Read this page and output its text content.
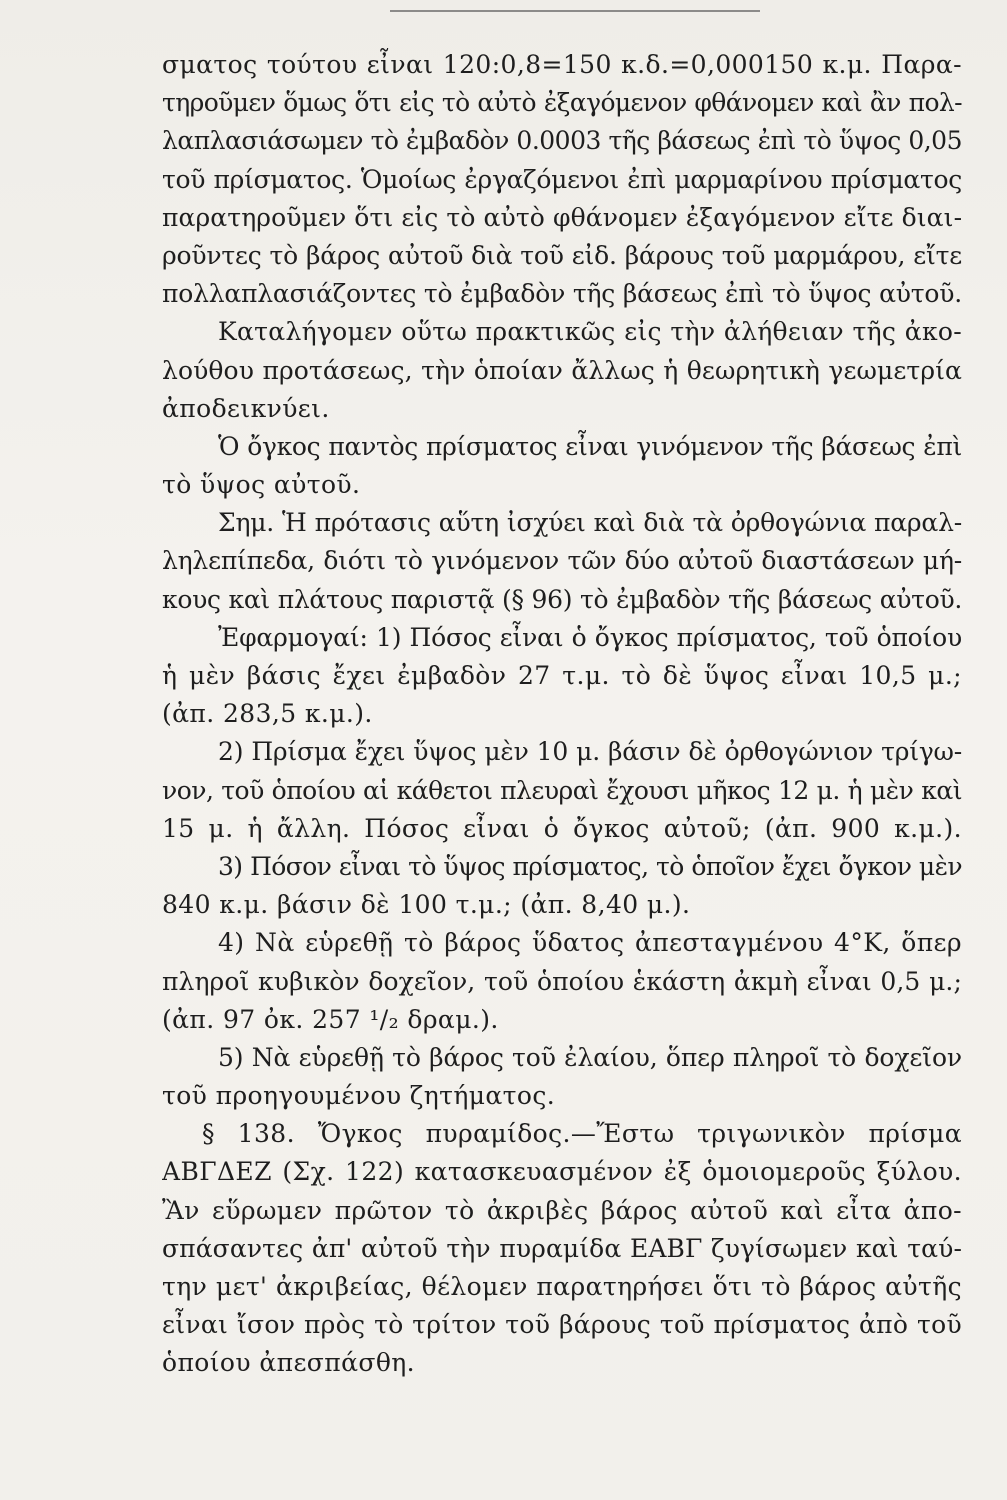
σματος τούτου εἶναι 120:0,8=150 κ.δ.=0,000150 κ.μ. Παρα-
τηροῦμεν ὅμως ὅτι εἰς τὸ αὐτὸ ἐξαγόμενον φθάνομεν καὶ ἂν πολ-
λαπλασιάσωμεν τὸ ἐμβαδὸν 0.0003 τῆς βάσεως ἐπὶ τὸ ὕψος 0,05
τοῦ πρίσματος. Ὁμοίως ἐργαζόμενοι ἐπὶ μαρμαρίνου πρίσματος
παρατηροῦμεν ὅτι εἰς τὸ αὐτὸ φθάνομεν ἐξαγόμενον εἴτε διαι-
ροῦντες τὸ βάρος αὐτοῦ διὰ τοῦ εἰδ. βάρους τοῦ μαρμάρου, εἴτε
πολλαπλασιάζοντες τὸ ἐμβαδὸν τῆς βάσεως ἐπὶ τὸ ὕψος αὐτοῦ.
Καταλήγομεν οὕτω πρακτικῶς εἰς τὴν ἀλήθειαν τῆς ἀκο-
λούθου προτάσεως, τὴν ὁποίαν ἄλλως ἡ θεωρητικὴ γεωμετρία
ἀποδεικνύει.
Ὁ ὄγκος παντὸς πρίσματος εἶναι γινόμενον τῆς βάσεως ἐπὶ
τὸ ὕψος αὐτοῦ.
Σημ. Ἡ πρότασις αὕτη ἰσχύει καὶ διὰ τὰ ὀρθογώνια παραλ-
ληλεπίπεδα, διότι τὸ γινόμενον τῶν δύο αὐτοῦ διαστάσεων μή-
κους καὶ πλάτους παριστᾷ (§ 96) τὸ ἐμβαδὸν τῆς βάσεως αὐτοῦ.
Ἐφαρμογαί: 1) Πόσος εἶναι ὁ ὄγκος πρίσματος, τοῦ ὁποίου
ἡ μὲν βάσις ἔχει ἐμβαδὸν 27 τ.μ. τὸ δὲ ὕψος εἶναι 10,5 μ.;
(ἀπ. 283,5 κ.μ.).
2) Πρίσμα ἔχει ὕψος μὲν 10 μ. βάσιν δὲ ὀρθογώνιον τρίγω-
νον, τοῦ ὁποίου αἱ κάθετοι πλευραὶ ἔχουσι μῆκος 12 μ. ἡ μὲν καὶ
15 μ. ἡ ἄλλη. Πόσος εἶναι ὁ ὄγκος αὐτοῦ; (ἀπ. 900 κ.μ.).
3) Πόσον εἶναι τὸ ὕψος πρίσματος, τὸ ὁποῖον ἔχει ὄγκον μὲν
840 κ.μ. βάσιν δὲ 100 τ.μ.; (ἀπ. 8,40 μ.).
4) Νὰ εὑρεθῇ τὸ βάρος ὕδατος ἀπεσταγμένου 4°Κ, ὅπερ
πληροῖ κυβικὸν δοχεῖον, τοῦ ὁποίου ἑκάστη ἀκμὴ εἶναι 0,5 μ.;
(ἀπ. 97 ὀκ. 257 ¹/₂ δραμ.).
5) Νὰ εὑρεθῇ τὸ βάρος τοῦ ἐλαίου, ὅπερ πληροῖ τὸ δοχεῖον
τοῦ προηγουμένου ζητήματος.
§ 138. Ὄγκος πυραμίδος.—Ἔστω τριγωνικὸν πρίσμα
ΑΒΓΔΕΖ (Σχ. 122) κατασκευασμένον ἐξ ὁμοιομεροῦς ξύλου.
Ἂν εὕρωμεν πρῶτον τὸ ἀκριβὲς βάρος αὐτοῦ καὶ εἶτα ἀπο-
σπάσαντες ἀπ' αὐτοῦ τὴν πυραμίδα ΕΑΒΓ ζυγίσωμεν καὶ ταύ-
την μετ' ἀκριβείας, θέλομεν παρατηρήσει ὅτι τὸ βάρος αὐτῆς
εἶναι ἴσον πρὸς τὸ τρίτον τοῦ βάρους τοῦ πρίσματος ἀπὸ τοῦ
ὁποίου ἀπεσπάσθη.
